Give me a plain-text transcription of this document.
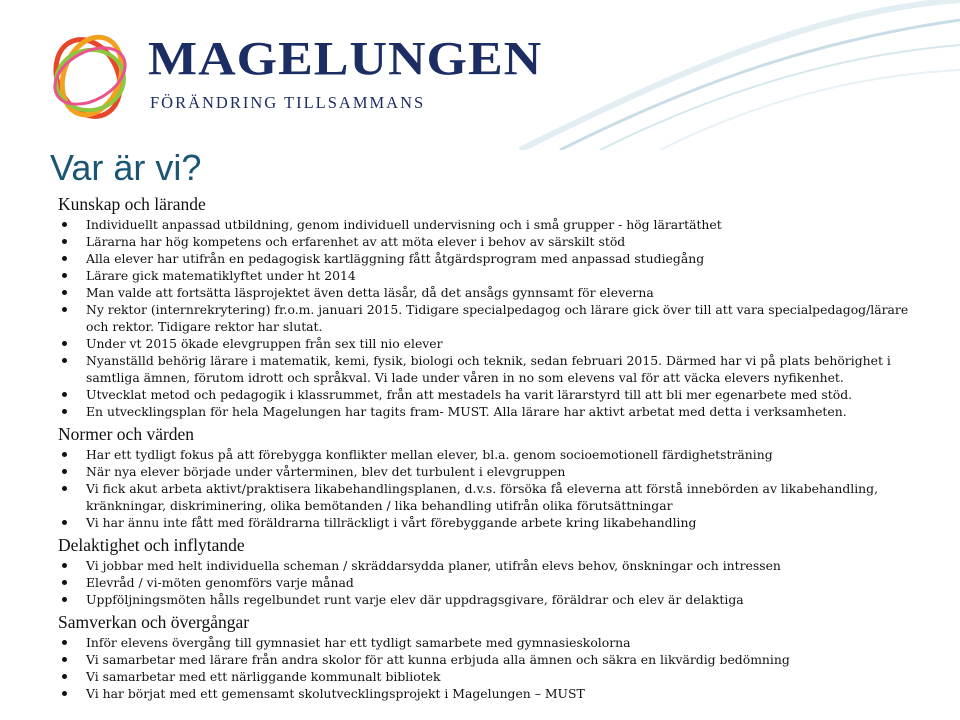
MAGELUNGEN
FÖRÄNDRING TILLSAMMANS
Var är vi?
Kunskap och lärande
Individuellt anpassad utbildning, genom individuell undervisning och i små grupper - hög lärartäthet
Lärarna har hög kompetens och erfarenhet av att möta elever i behov av särskilt stöd
Alla elever har utifrån en pedagogisk kartläggning fått åtgärdsprogram med anpassad studiegång
Lärare gick matematiklyftet under ht 2014
Man valde att fortsätta läsprojektet även detta läsår, då det ansågs gynnsamt för eleverna
Ny rektor (internrekrytering) fr.o.m. januari 2015. Tidigare specialpedagog och lärare gick över till att vara specialpedagog/lärare och rektor. Tidigare rektor har slutat.
Under vt 2015 ökade elevgruppen från sex till nio elever
Nyanställd behörig lärare i matematik, kemi, fysik, biologi och teknik, sedan februari 2015. Därmed har vi på plats behörighet i samtliga ämnen, förutom idrott och språkval. Vi lade under våren in no som elevens val för att väcka elevers nyfikenhet.
Utvecklat metod och pedagogik i klassrummet, från att mestadels ha varit lärarstyrd till att bli mer egenarbete med stöd.
En utvecklingsplan för hela Magelungen har tagits fram- MUST. Alla lärare har aktivt arbetat med detta i verksamheten.
Normer och värden
Har ett tydligt fokus på att förebygga konflikter mellan elever, bl.a. genom socioemotionell färdighetsträning
När nya elever började under vårterminen, blev det turbulent i elevgruppen
Vi fick akut arbeta aktivt/praktisera likabehandlingsplanen, d.v.s. försöka få eleverna att förstå innebörden av likabehandling, kränkningar, diskriminering, olika bemötanden / lika behandling utifrån olika förutsättningar
Vi har ännu inte fått med föräldrarna tillräckligt i vårt förebyggande arbete kring likabehandling
Delaktighet och inflytande
Vi jobbar med helt individuella scheman / skräddarsydda planer, utifrån elevs behov, önskningar och intressen
Elevråd / vi-möten genomförs varje månad
Uppföljningsmöten hålls regelbundet runt varje elev där uppdragsgivare, föräldrar och elev är delaktiga
Samverkan och övergångar
Inför elevens övergång till gymnasiet har ett tydligt samarbete med gymnasieskolorna
Vi samarbetar med lärare från andra skolor för att kunna erbjuda alla ämnen och säkra en likvärdig bedömning
Vi samarbetar med ett närliggande kommunalt bibliotek
Vi har börjat med ett gemensamt skolutvecklingsprojekt i Magelungen – MUST
